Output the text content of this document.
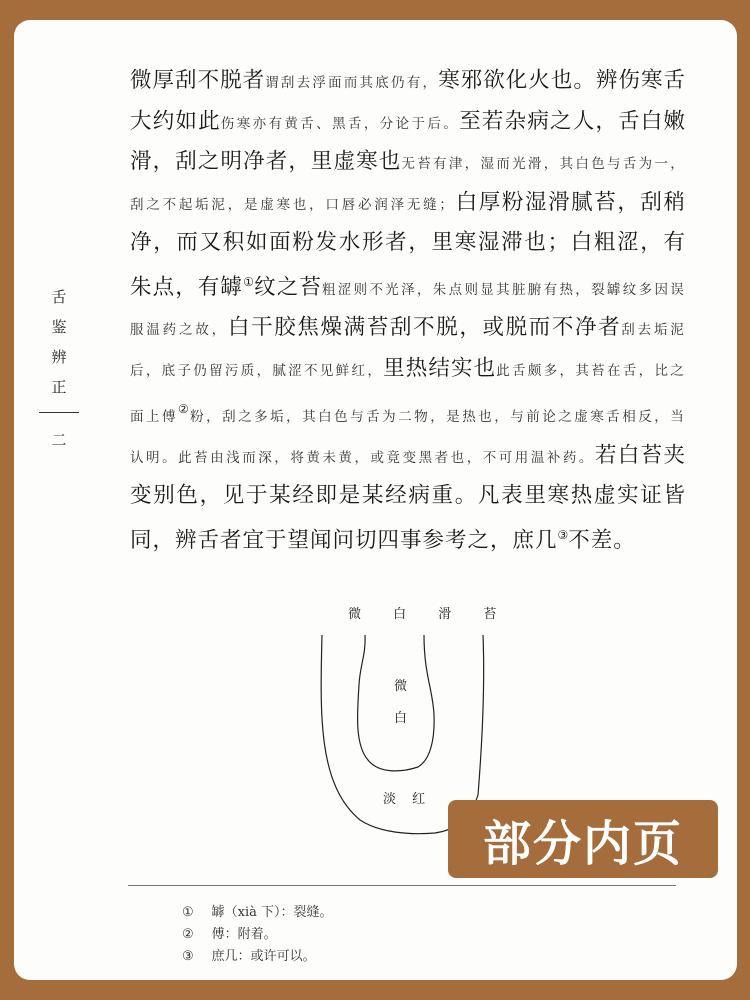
舌
鉴
辨
正
二
微厚刮不脱者谓刮去浮面而其底仍有，寒邪欲化火也。辨伤寒舌大约如此伤寒亦有黄舌、黑舌，分论于后。至若杂病之人，舌白嫩滑，刮之明净者，里虚寒也无苔有津，湿而光滑，其白色与舌为一，刮之不起垢泥，是虚寒也，口唇必润泽无缝；白厚粉湿滑腻苔，刮稍净，而又积如面粉发水形者，里寒湿滞也；白粗涩，有朱点，有罅①纹之苔粗涩则不光泽，朱点则显其脏腑有热，裂罅纹多因误服温药之故，白干胶焦燥满苔刮不脱，或脱而不净者刮去垢泥后，底子仍留污质，腻涩不见鲜红，里热结实也此舌颇多，其苔在舌，比之面上傅②粉，刮之多垢，其白色与舌为二物，是热也，与前论之虚寒舌相反，当认明。此苔由浅而深，将黄未黄，或竟变黑者也，不可用温补药。若白苔夹变别色，见于某经即是某经病重。凡表里寒热虚实证皆同，辨舌者宜于望闻问切四事参考之，庶几③不差。
微 白 滑 苔
微
白
淡 红
① 罅（xià 下）：裂缝。
② 傅：附着。
③ 庶几：或许可以。
部分内页
